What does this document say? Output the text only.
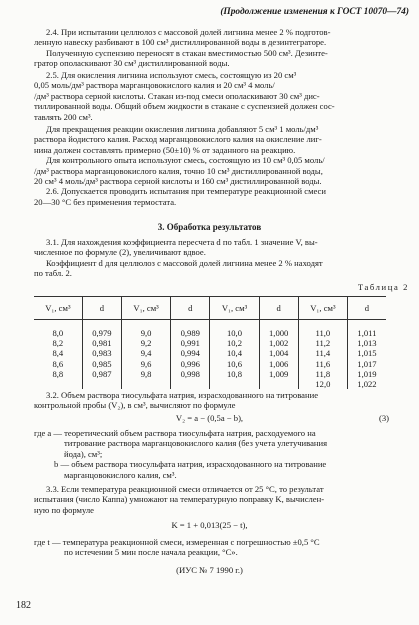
(Продолжение изменения к ГОСТ 10070—74)

2.4. При испытании целлюлоз с массовой долей лигнина менее 2 % подготов-

ленную навеску разбивают в 100 см³ дистиллированной воды в дезинтеграторе.

Полученную суспензию переносят в стакан вместимостью 500 см³. Дезинте-

гратор ополаскивают 30 см³ дистиллированной воды.

2.5. Для окисления лигнина используют смесь, состоящую из 20 см³

0,05 моль/дм³ раствора марганцовокислого калия и 20 см³ 4 моль/

/дм³ раствора серной кислоты. Стакан из-под смеси ополаскивают 30 см³ дис-

тиллированной воды. Общий объем жидкости в стакане с суспензией должен сос-

тавлять 200 см³.

Для прекращения реакции окисления лигнина добавляют 5 см³ 1 моль/дм³

раствора йодистого калия. Расход марганцовокислого калия на окисление лиг-

нина должен составлять примерно (50±10) % от заданного на реакцию.

Для контрольного опыта используют смесь, состоящую из 10 см³ 0,05 моль/

/дм³ раствора марганцовокислого калия, точно 10 см³ дистиллированной воды,

20 см³ 4 моль/дм³ раствора серной кислоты и 160 см³ дистиллированной воды.

2.6. Допускается проводить испытания при температуре реакционной смеси

20—30 °С без применения термостата.

3. Обработка результатов

3.1. Для нахождения коэффициента пересчета d по табл. 1 значение V, вы-

численное по формуле (2), увеличивают вдвое.

Коэффициент d для целлюлоз с массовой долей лигнина менее 2 % находят

по табл. 2.

Таблица 2
V₁, см³	d	V₁, см³	d	V₁, см³	d	V₁, см³	d
8,0	0,979	9,0	0,989	10,0	1,000	11,0	1,011
8,2	0,981	9,2	0,991	10,2	1,002	11,2	1,013
8,4	0,983	9,4	0,994	10,4	1,004	11,4	1,015
8,6	0,985	9,6	0,996	10,6	1,006	11,6	1,017
8,8	0,987	9,8	0,998	10,8	1,009	11,8	1,019
						12,0	1,022

3.2. Объем раствора тиосульфата натрия, израсходованного на титрование

контрольной пробы (V₂), в см³, вычисляют по формуле

V₂ = a − (0,5a − b),	(3)

где a — теоретический объем раствора тиосульфата натрия, расходуемого на

титрование раствора марганцовокислого калия (без учета улетучивания

йода), см³;

b — объем раствора тиосульфата натрия, израсходованного на титрование

марганцовокислого калия, см³.

3.3. Если температура реакционной смеси отличается от 25 °С, то результат

испытания (число Каппа) умножают на температурную поправку K, вычислен-

ную по формуле

K = 1 + 0,013(25 − t),

где t — температура реакционной смеси, измеренная с погрешностью ±0,5 °С

по истечении 5 мин после начала реакции, °С».

(ИУС № 7 1990 г.)
182
